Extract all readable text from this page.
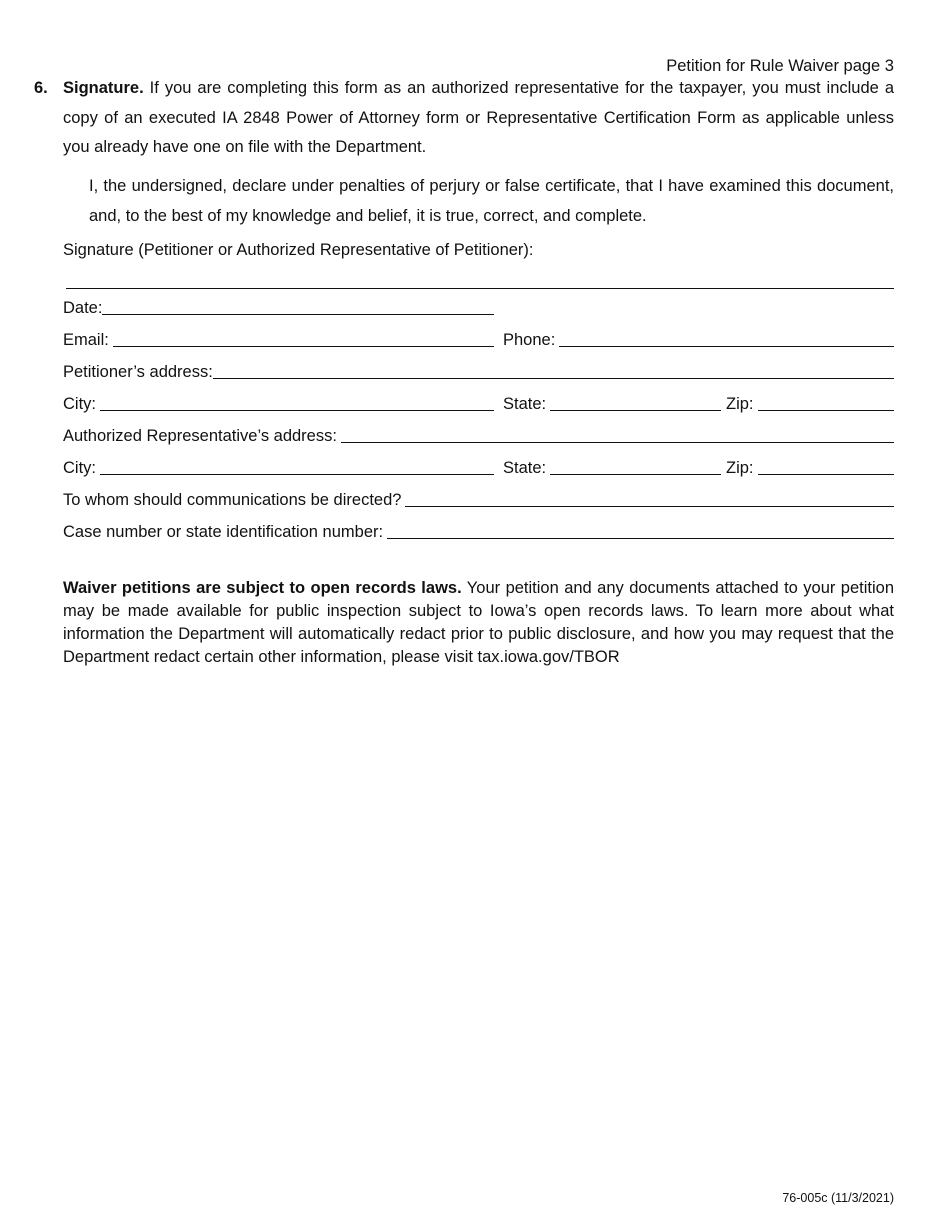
Petition for Rule Waiver page 3
6. Signature. If you are completing this form as an authorized representative for the taxpayer, you must include a copy of an executed IA 2848 Power of Attorney form or Representative Certification Form as applicable unless you already have one on file with the Department.
I, the undersigned, declare under penalties of perjury or false certificate, that I have examined this document, and, to the best of my knowledge and belief, it is true, correct, and complete.
Signature (Petitioner or Authorized Representative of Petitioner):
Date:
Email:	Phone:
Petitioner’s address:
City:	State:	Zip:
Authorized Representative’s address:
City:	State:	Zip:
To whom should communications be directed?
Case number or state identification number:
Waiver petitions are subject to open records laws. Your petition and any documents attached to your petition may be made available for public inspection subject to Iowa’s open records laws. To learn more about what information the Department will automatically redact prior to public disclosure, and how you may request that the Department redact certain other information, please visit tax.iowa.gov/TBOR
76-005c (11/3/2021)
